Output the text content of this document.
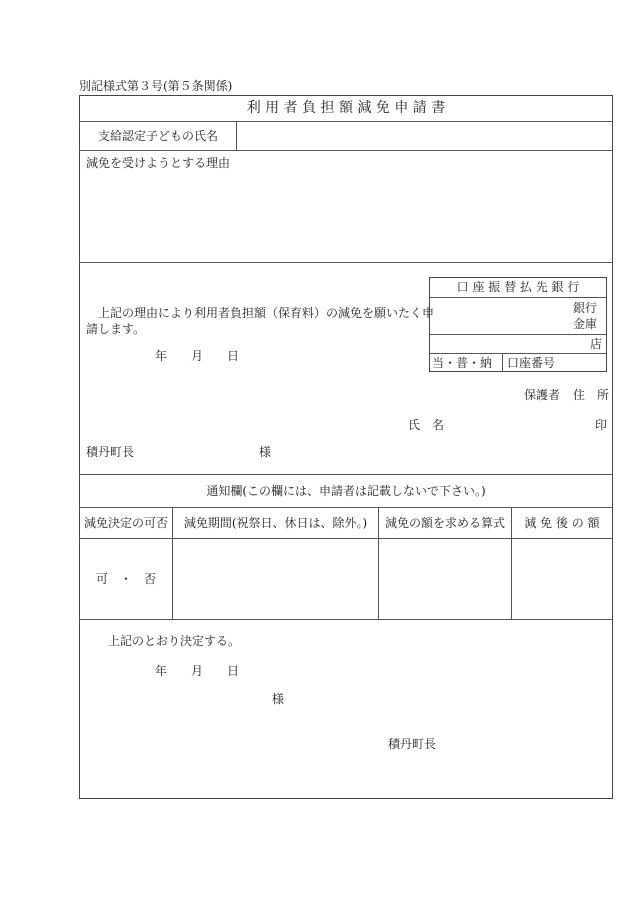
別記様式第３号(第５条関係)
利 用 者 負 担 額 減 免 申 請 書
支給認定子どもの氏名
減免を受けようとする理由
口 座 振 替 払 先 銀 行
銀行
金庫
店
当・普・納 口座番号
上記の理由により利用者負担額（保育料）の減免を願いたく申
請します。
年 月 日
保護者 住　所
氏　名	印
積丹町長	様
通知欄(この欄には、申請者は記載しないで下さい。)
減免決定の可否	減免期間(祝祭日、休日は、除外。)	減免の額を求める算式	減 免 後 の 額
可　・　否
上記のとおり決定する。
年 月 日
様
積丹町長
